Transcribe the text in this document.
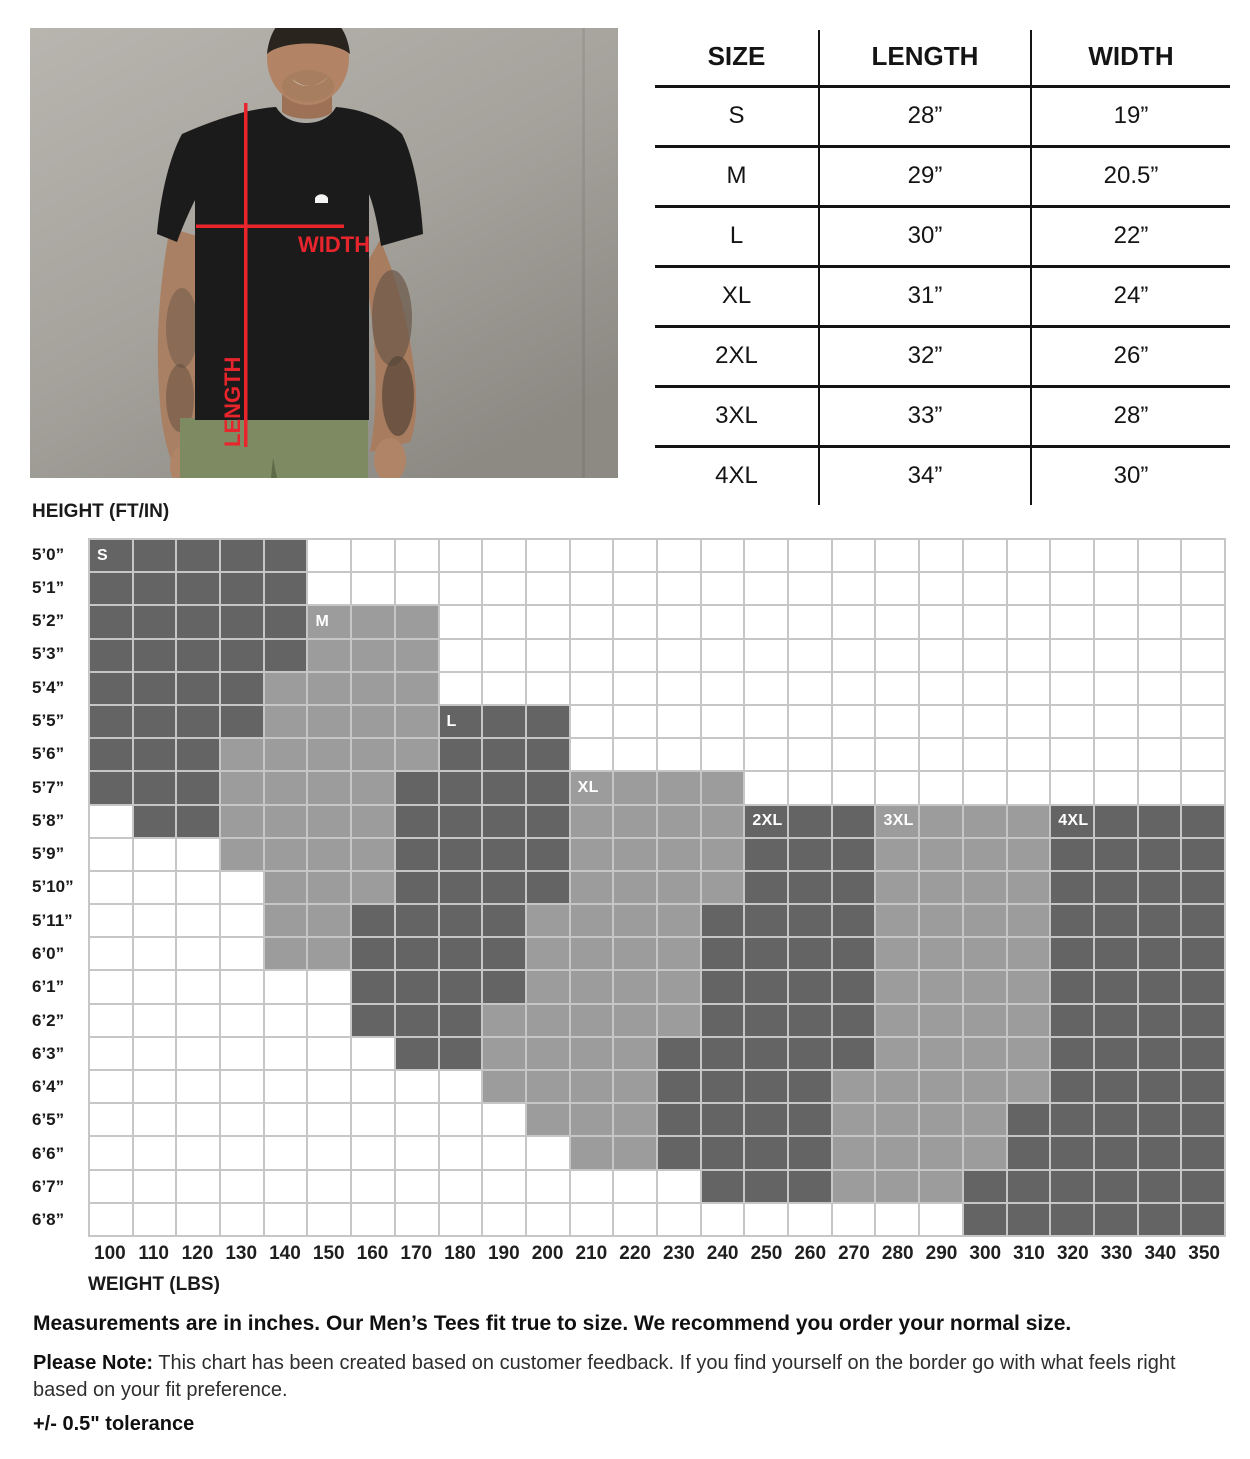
WIDTH
LENGTH
SIZE	LENGTH	WIDTH
S	28”	19”
M	29”	20.5”
L	30”	22”
XL	31”	24”
2XL	32”	26”
3XL	33”	28”
4XL	34”	30”
HEIGHT (FT/IN)
5’0”
5’1”
5’2”
5’3”
5’4”
5’5”
5’6”
5’7”
5’8”
5’9”
5’10”
5’11”
6’0”
6’1”
6’2”
6’3”
6’4”
6’5”
6’6”
6’7”
6’8”
S
M
L
XL
2XL	3XL	4XL
100 110 120 130 140 150 160 170 180 190 200 210 220 230 240 250 260 270 280 290 300 310 320 330 340 350
WEIGHT (LBS)
Measurements are in inches. Our Men’s Tees fit true to size. We recommend you order your normal size.
Please Note: This chart has been created based on customer feedback. If you find yourself on the border go with what feels right based on your fit preference.
+/- 0.5" tolerance
